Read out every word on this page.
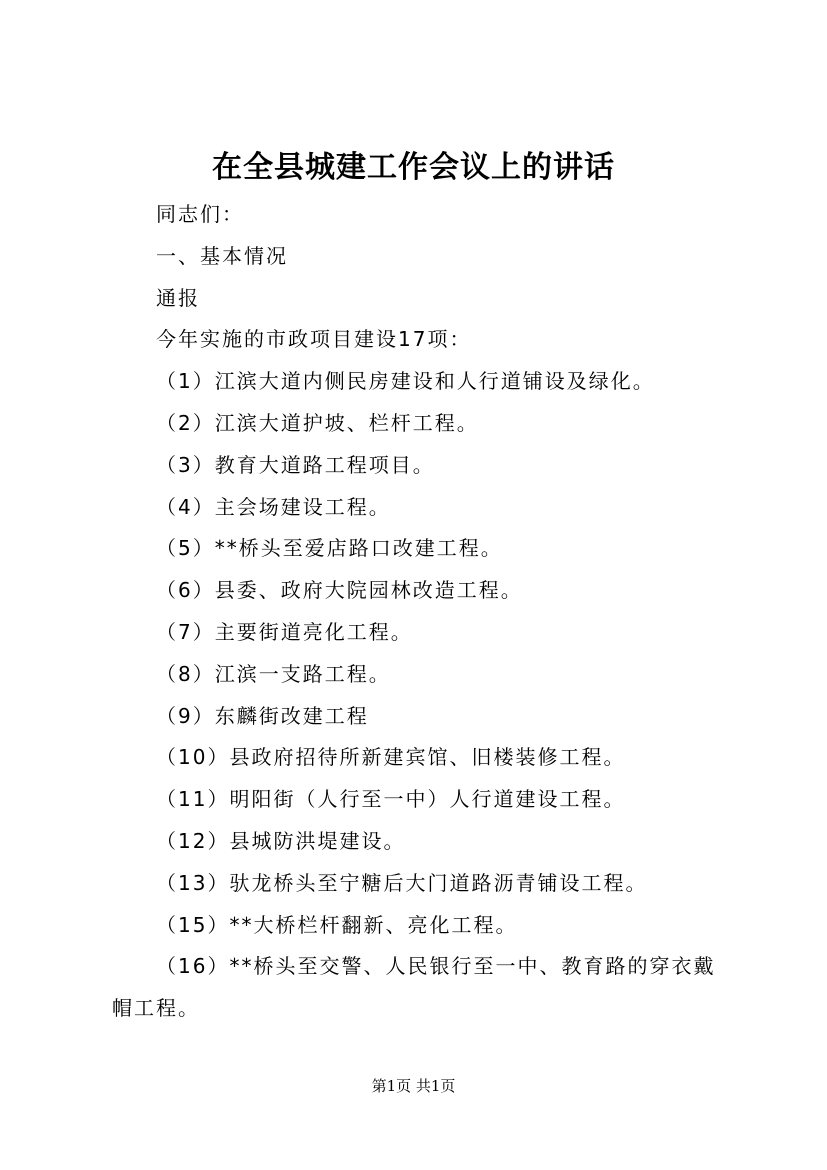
在全县城建工作会议上的讲话

同志们：

一、基本情况

通报

今年实施的市政项目建设17项：

（1）江滨大道内侧民房建设和人行道铺设及绿化。

（2）江滨大道护坡、栏杆工程。

（3）教育大道路工程项目。

（4）主会场建设工程。

（5）**桥头至爱店路口改建工程。

（6）县委、政府大院园林改造工程。

（7）主要街道亮化工程。

（8）江滨一支路工程。

（9）东麟街改建工程

（10）县政府招待所新建宾馆、旧楼装修工程。

（11）明阳街（人行至一中）人行道建设工程。

（12）县城防洪堤建设。

（13）驮龙桥头至宁糖后大门道路沥青铺设工程。

（15）**大桥栏杆翻新、亮化工程。

（16）**桥头至交警、人民银行至一中、教育路的穿衣戴帽工程。

第1页 共1页
